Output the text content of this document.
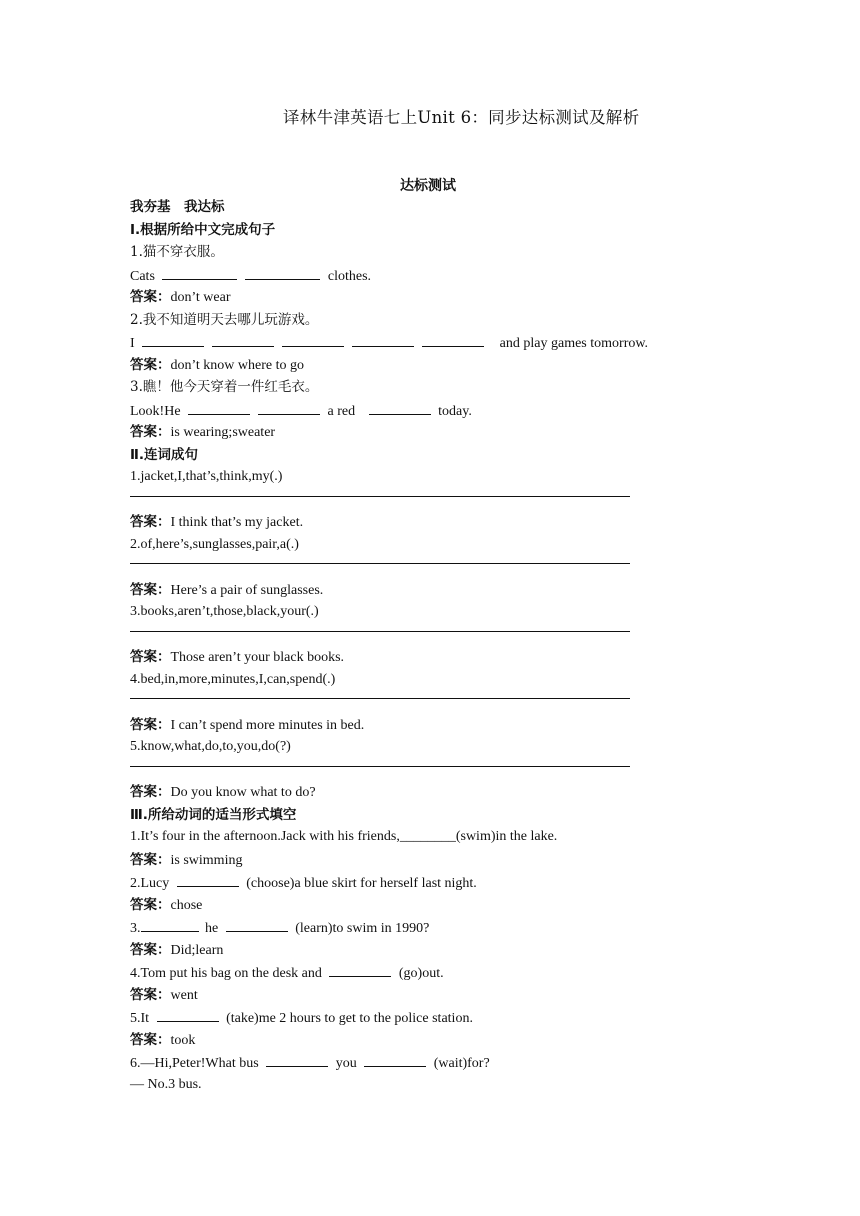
译林牛津英语七上Unit 6：同步达标测试及解析
达标测试
我夯基　我达标
Ⅰ.根据所给中文完成句子
1.猫不穿衣服。
Cats	clothes.
答案：don’t wear
2.我不知道明天去哪儿玩游戏。
I	and play games tomorrow.
答案：don’t know where to go
3.瞧！他今天穿着一件红毛衣。
Look!He	a red	today.
答案：is wearing;sweater
Ⅱ.连词成句
1.jacket,I,that’s,think,my(.)
答案：I think that’s my jacket.
2.of,here’s,sunglasses,pair,a(.)
答案：Here’s a pair of sunglasses.
3.books,aren’t,those,black,your(.)
答案：Those aren’t your black books.
4.bed,in,more,minutes,I,can,spend(.)
答案：I can’t spend more minutes in bed.
5.know,what,do,to,you,do(?)
答案：Do you know what to do?
Ⅲ.所给动词的适当形式填空
1.It’s four in the afternoon.Jack with his friends,________(swim)in the lake.
答案：is swimming
2.Lucy	(choose)a blue skirt for herself last night.
答案：chose
3.	he	(learn)to swim in 1990?
答案：Did;learn
4.Tom put his bag on the desk and	(go)out.
答案：went
5.It	(take)me 2 hours to get to the police station.
答案：took
6.—Hi,Peter!What bus	you	(wait)for?
— No.3 bus.
